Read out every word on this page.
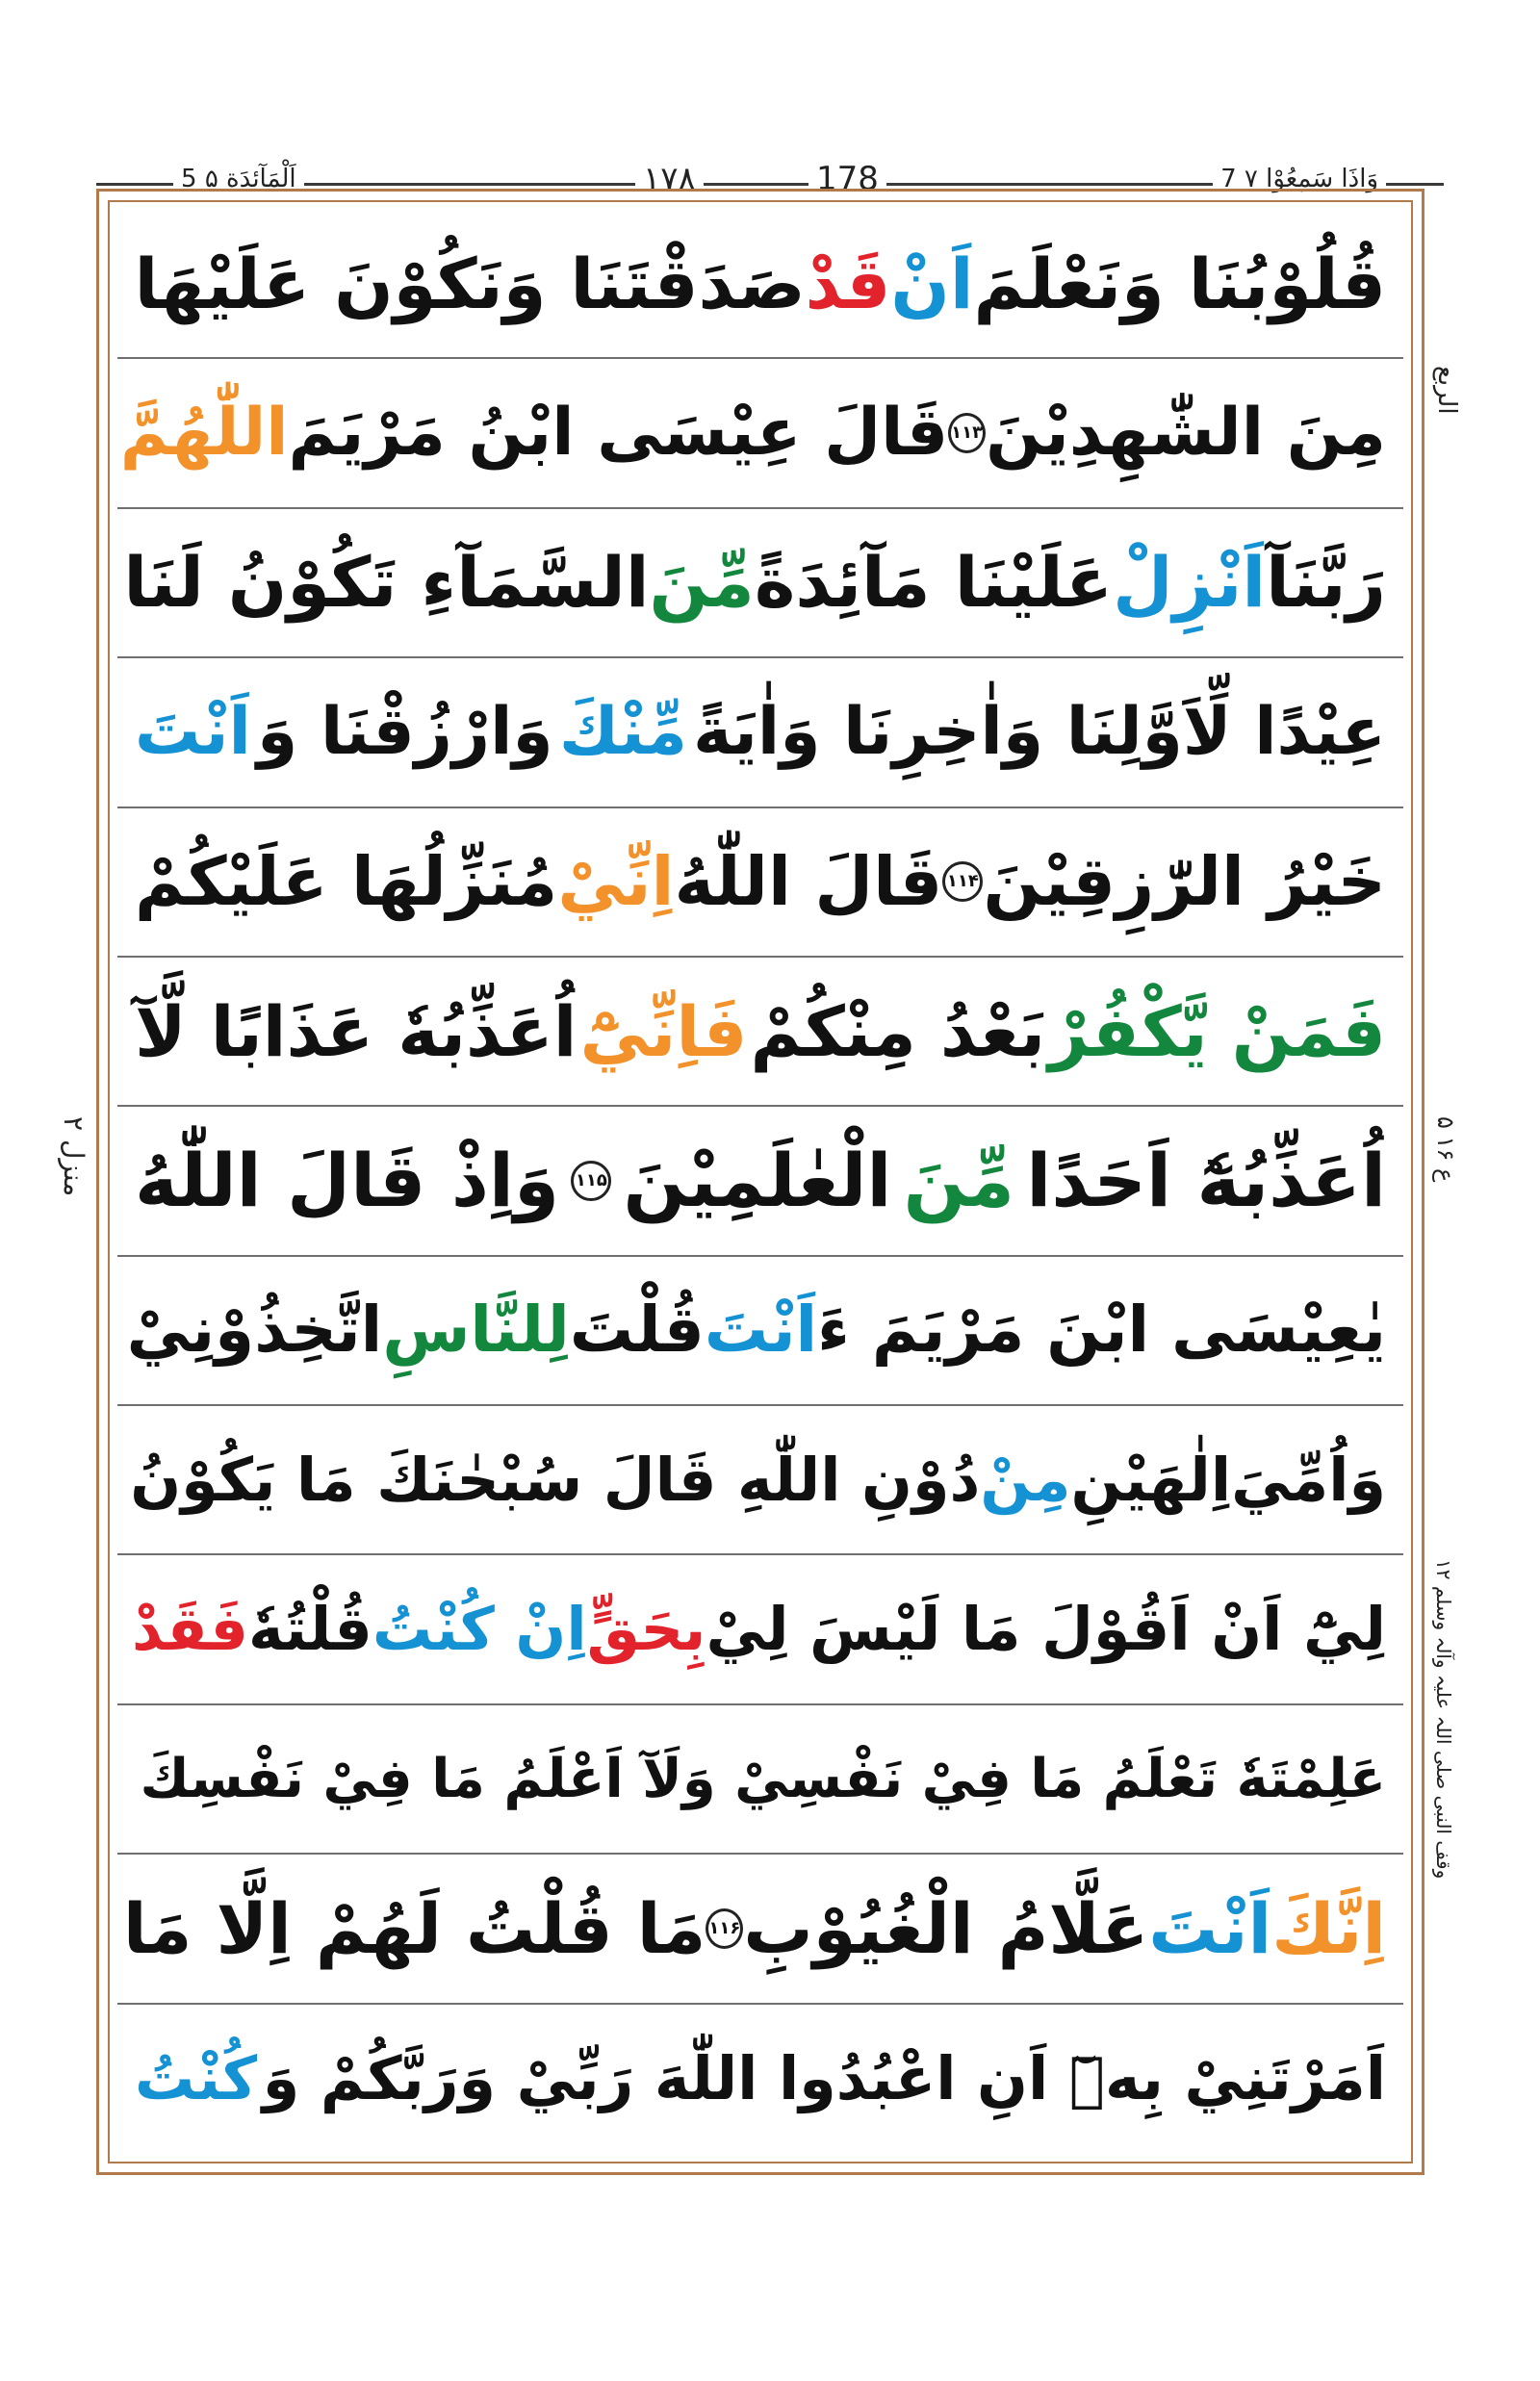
7 وَاِذَا سَمِعُوْا ۷
178
۱۷۸
5 اَلْمَآئِدَة ۵
الربع
ع ۱۶ ۵
منزل ۲
وقف النبی صلی اللہ علیہ وآلہ وسلم ۱۲
قُلُوْبُنَا وَنَعْلَمَ
اَنْ
قَدْ
صَدَقْتَنَا وَنَكُوْنَ عَلَيْهَا
مِنَ الشّٰهِدِيْنَ
۱۱۳
قَالَ عِيْسَى ابْنُ مَرْيَمَ
اللّٰهُمَّ
رَبَّنَآ
اَنْزِلْ
عَلَيْنَا مَآئِدَةً
مِّنَ
السَّمَآءِ تَكُوْنُ لَنَا
عِيْدًا لِّاَوَّلِنَا وَاٰخِرِنَا وَاٰيَةً
مِّنْكَ
وَارْزُقْنَا وَ
اَنْتَ
خَيْرُ الرّٰزِقِيْنَ
۱۱۴
قَالَ اللّٰهُ
اِنِّيْ
مُنَزِّلُهَا عَلَيْكُمْ
فَمَنْ يَّكْفُرْ
بَعْدُ مِنْكُمْ
فَاِنِّيْٓ
اُعَذِّبُهٗ عَذَابًا لَّآ
اُعَذِّبُهٗٓ اَحَدًا
مِّنَ
الْعٰلَمِيْنَ
۱۱۵
وَاِذْ قَالَ اللّٰهُ
يٰعِيْسَى ابْنَ مَرْيَمَ ءَ
اَنْتَ
قُلْتَ
لِلنَّاسِ
اتَّخِذُوْنِيْ
وَاُمِّيَ
اِلٰهَيْنِ
مِنْ
دُوْنِ اللّٰهِ قَالَ سُبْحٰنَكَ مَا يَكُوْنُ
لِيْٓ اَنْ اَقُوْلَ مَا لَيْسَ لِيْ
بِحَقٍّ
اِنْ كُنْتُ
قُلْتُهٗ
فَقَدْ
عَلِمْتَهٗ تَعْلَمُ مَا فِيْ نَفْسِيْ وَلَآ اَعْلَمُ مَا فِيْ نَفْسِكَ
اِنَّكَ
اَنْتَ
عَلَّامُ الْغُيُوْبِ
۱۱۶
مَا قُلْتُ لَهُمْ اِلَّا مَا
اَمَرْتَنِيْ بِهٖٓ اَنِ اعْبُدُوا اللّٰهَ رَبِّيْ وَرَبَّكُمْ وَ
كُنْتُ
